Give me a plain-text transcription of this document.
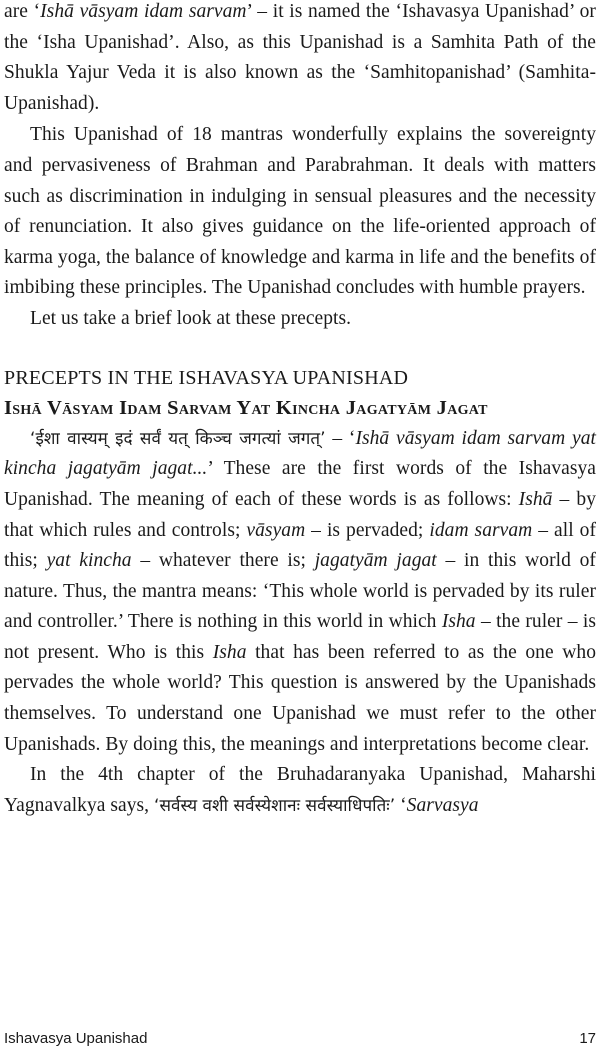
are ‘Ishā vāsyam idam sarvam’ – it is named the ‘Ishavasya Upanishad’ or the ‘Isha Upanishad’. Also, as this Upanishad is a Samhita Path of the Shukla Yajur Veda it is also known as the ‘Samhitopanishad’ (Samhita-Upanishad).

This Upanishad of 18 mantras wonderfully explains the sovereignty and pervasiveness of Brahman and Parabrahman. It deals with matters such as discrimination in indulging in sensual pleasures and the necessity of renunciation. It also gives guidance on the life-oriented approach of karma yoga, the balance of knowledge and karma in life and the benefits of imbibing these principles. The Upanishad concludes with humble prayers.

Let us take a brief look at these precepts.

PRECEPTS IN THE ISHAVASYA UPANISHAD
Ishā Vāsyam Idam Sarvam Yat Kincha Jagatyām Jagat

‘ईशा वास्यम् इदं सर्वं यत् किञ्च जगत्यां जगत्’ – ‘Ishā vāsyam idam sarvam yat kincha jagatyām jagat...’ These are the first words of the Ishavasya Upanishad. The meaning of each of these words is as follows: Ishā – by that which rules and controls; vāsyam – is pervaded; idam sarvam – all of this; yat kincha – whatever there is; jagatyām jagat – in this world of nature. Thus, the mantra means: ‘This whole world is pervaded by its ruler and controller.’ There is nothing in this world in which Isha – the ruler – is not present. Who is this Isha that has been referred to as the one who pervades the whole world? This question is answered by the Upanishads themselves. To understand one Upanishad we must refer to the other Upanishads. By doing this, the meanings and interpretations become clear.

In the 4th chapter of the Bruhadaranyaka Upanishad, Maharshi Yagnavalkya says, ‘सर्वस्य वशी सर्वस्येशानः सर्वस्याधिपतिः’ ‘Sarvasya

Ishavasya Upanishad	17
